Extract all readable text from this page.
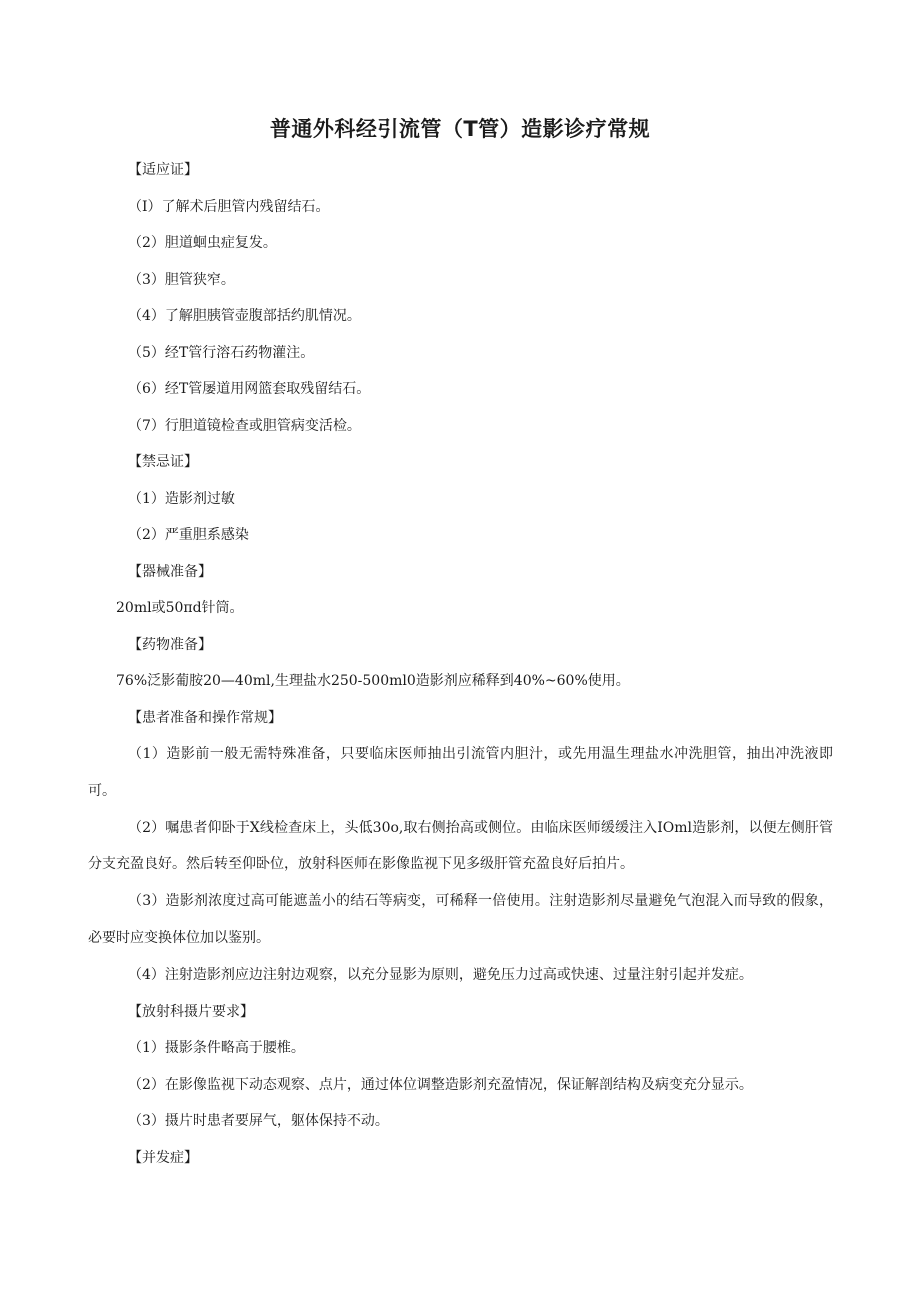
普通外科经引流管（T管）造影诊疗常规

【适应证】

（I）了解术后胆管内残留结石。

（2）胆道蛔虫症复发。

（3）胆管狭窄。

（4）了解胆胰管壶腹部括约肌情况。

（5）经T管行溶石药物灌注。

（6）经T管屡道用网篮套取残留结石。

（7）行胆道镜检查或胆管病变活检。

【禁忌证】

（1）造影剂过敏

（2）严重胆系感染

【器械准备】

20ml或50πd针筒。

【药物准备】

76%泛影葡胺20—40ml,生理盐水250-500ml0造影剂应稀释到40%~60%使用。

【患者准备和操作常规】

（1）造影前一般无需特殊准备，只要临床医师抽出引流管内胆汁，或先用温生理盐水冲洗胆管，抽出冲洗液即可。

（2）嘱患者仰卧于X线检查床上，头低30o,取右侧抬高或侧位。由临床医师缓缓注入IOml造影剂，以便左侧肝管分支充盈良好。然后转至仰卧位，放射科医师在影像监视下见多级肝管充盈良好后拍片。

（3）造影剂浓度过高可能遮盖小的结石等病变，可稀释一倍使用。注射造影剂尽量避免气泡混入而导致的假象，必要时应变换体位加以鉴别。

（4）注射造影剂应边注射边观察，以充分显影为原则，避免压力过高或快速、过量注射引起并发症。

【放射科摄片要求】

（1）摄影条件略高于腰椎。

（2）在影像监视下动态观察、点片，通过体位调整造影剂充盈情况，保证解剖结构及病变充分显示。

（3）摄片时患者要屏气，躯体保持不动。

【并发症】
